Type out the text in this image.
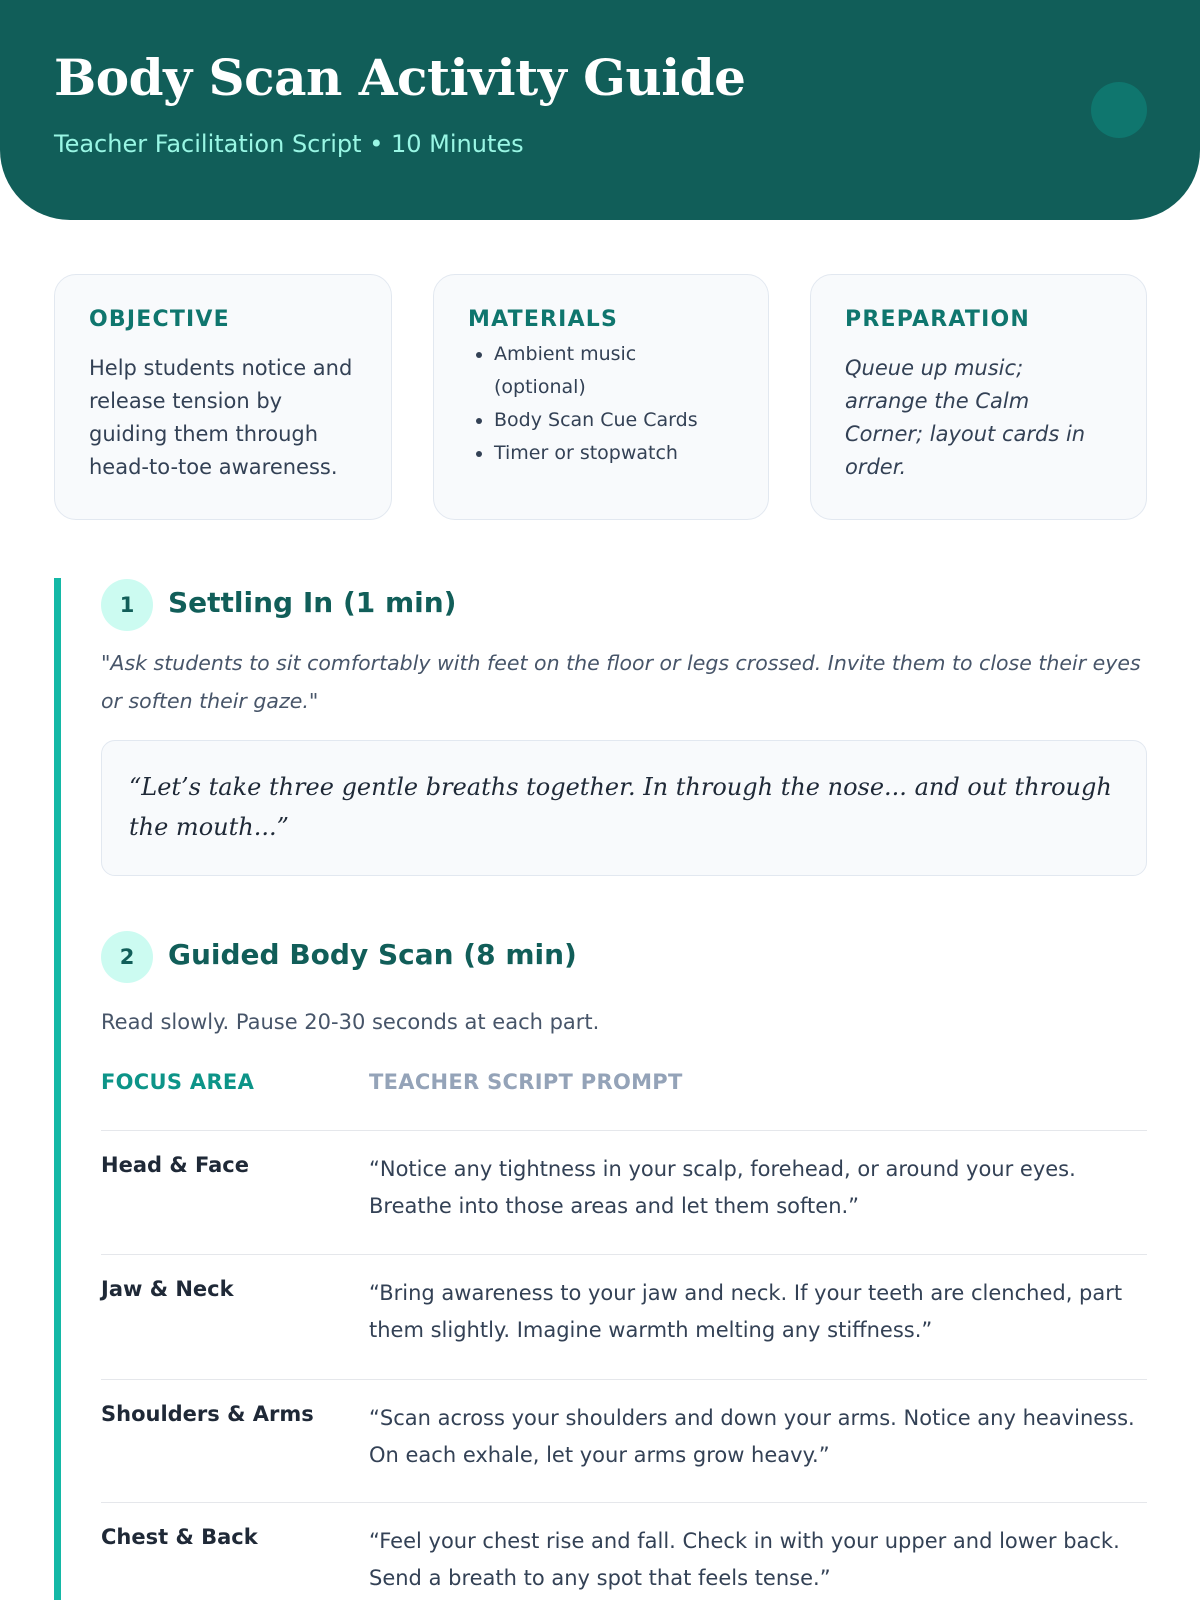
Body Scan Activity Guide
Teacher Facilitation Script • 10 Minutes
OBJECTIVE

Help students notice and release tension by guiding them through head-to-toe awareness.

MATERIALS
• Ambient music (optional)
• Body Scan Cue Cards
• Timer or stopwatch
PREPARATION

Queue up music; arrange the Calm Corner; layout cards in order.

1	Settling In (1 min)
"Ask students to sit comfortably with feet on the floor or legs crossed. Invite them to close their eyes or soften their gaze."
“Let’s take three gentle breaths together. In through the nose... and out through the mouth...”
2	Guided Body Scan (8 min)
Read slowly. Pause 20-30 seconds at each part.
FOCUS AREA	TEACHER SCRIPT PROMPT
Head & Face	“Notice any tightness in your scalp, forehead, or around your eyes. Breathe into those areas and let them soften.”
Jaw & Neck	“Bring awareness to your jaw and neck. If your teeth are clenched, part them slightly. Imagine warmth melting any stiffness.”
Shoulders & Arms	“Scan across your shoulders and down your arms. Notice any heaviness. On each exhale, let your arms grow heavy.”
Chest & Back	“Feel your chest rise and fall. Check in with your upper and lower back. Send a breath to any spot that feels tense.”
